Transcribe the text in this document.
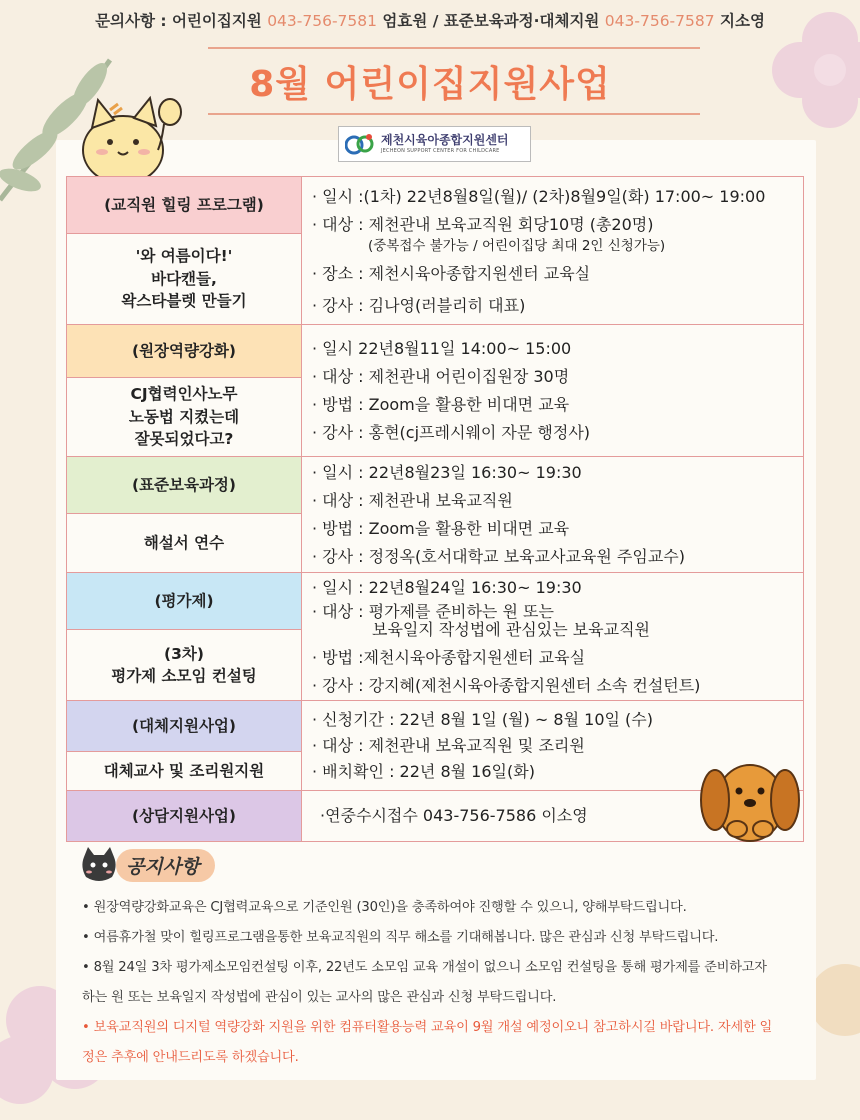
문의사항 : 어린이집지원 043-756-7581 엄효원 / 표준보육과정·대체지원 043-756-7587 지소영
8월 어린이집지원사업
제천시육아종합지원센터
JECHEON SUPPORT CENTER FOR CHILDCARE
(교직원 힐링 프로그램)	· 일시 :(1차) 22년8월8일(월)/ (2차)8월9일(화) 17:00~ 19:00
· 대상 : 제천관내 보육교직원 회당10명 (총20명)
(중복접수 불가능 / 어린이집당 최대 2인 신청가능)
· 장소 : 제천시육아종합지원센터 교육실
· 강사 : 김나영(러블리히 대표)

'와 여름이다!'
바다캔들,
왁스타블렛 만들기	

(원장역량강화)	· 일시 22년8월11일 14:00~ 15:00
· 대상 : 제천관내 어린이집원장 30명
· 방법 : Zoom을 활용한 비대면 교육
· 강사 : 홍현(cj프레시웨이 자문 행정사)

CJ협력인사노무
노동법 지켰는데
잘못되었다고?	

(표준보육과정)	· 일시 : 22년8월23일 16:30~ 19:30
· 대상 : 제천관내 보육교직원
· 방법 : Zoom을 활용한 비대면 교육
· 강사 : 정정옥(호서대학교 보육교사교육원 주임교수)

해설서 연수	

(평가제)	· 일시 : 22년8월24일 16:30~ 19:30
· 대상 : 평가제를 준비하는 원 또는
보육일지 작성법에 관심있는 보육교직원
· 방법 :제천시육아종합지원센터 교육실
· 강사 : 강지혜(제천시육아종합지원센터 소속 컨설턴트)

(3차)
평가제 소모임 컨설팅	

(대체지원사업)	· 신청기간 : 22년 8월 1일 (월) ~ 8월 10일 (수)
· 대상 : 제천관내 보육교직원 및 조리원
· 배치확인 : 22년 8월 16일(화)

대체교사 및 조리원지원	

(상담지원사업)	·연중수시접수 043-756-7586 이소영
공지사항

• 원장역량강화교육은 CJ협력교육으로 기준인원 (30인)을 충족하여야 진행할 수 있으니, 양해부탁드립니다.

• 여름휴가철 맞이 힐링프로그램을통한 보육교직원의 직무 해소를 기대해봅니다. 많은 관심과 신청 부탁드립니다.

• 8월 24일 3차 평가제소모임컨설팅 이후, 22년도 소모임 교육 개설이 없으니 소모임 컨설팅을 통해 평가제를 준비하고자 하는 원 또는 보육일지 작성법에 관심이 있는 교사의 많은 관심과 신청 부탁드립니다.

• 보육교직원의 디지털 역량강화 지원을 위한 컴퓨터활용능력 교육이 9월 개설 예정이오니 참고하시길 바랍니다. 자세한 일정은 추후에 안내드리도록 하겠습니다.
